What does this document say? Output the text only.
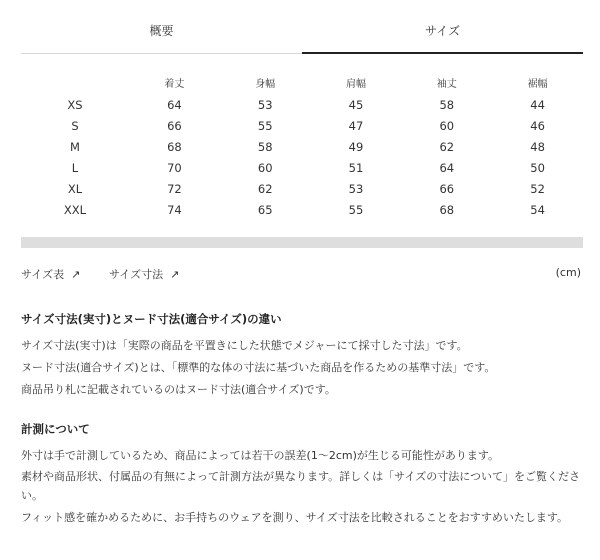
概要	サイズ
	着丈	身幅	肩幅	袖丈	裾幅
XS	64	53	45	58	44
S	66	55	47	60	46
M	68	58	49	62	48
L	70	60	51	64	50
XL	72	62	53	66	52
XXL	74	65	55	68	54
サイズ表 ↗	サイズ寸法 ↗	(cm)
サイズ寸法(実寸)とヌード寸法(適合サイズ)の違い

サイズ寸法(実寸)は「実際の商品を平置きにした状態でメジャーにて採寸した寸法」です。

ヌード寸法(適合サイズ)とは、「標準的な体の寸法に基づいた商品を作るための基準寸法」です。

商品吊り札に記載されているのはヌード寸法(適合サイズ)です。

計測について

外寸は手で計測しているため、商品によっては若干の誤差(1～2cm)が生じる可能性があります。

素材や商品形状、付属品の有無によって計測方法が異なります。詳しくは「サイズの寸法について」をご覧ください。

フィット感を確かめるために、お手持ちのウェアを測り、サイズ寸法を比較されることをおすすめいたします。
